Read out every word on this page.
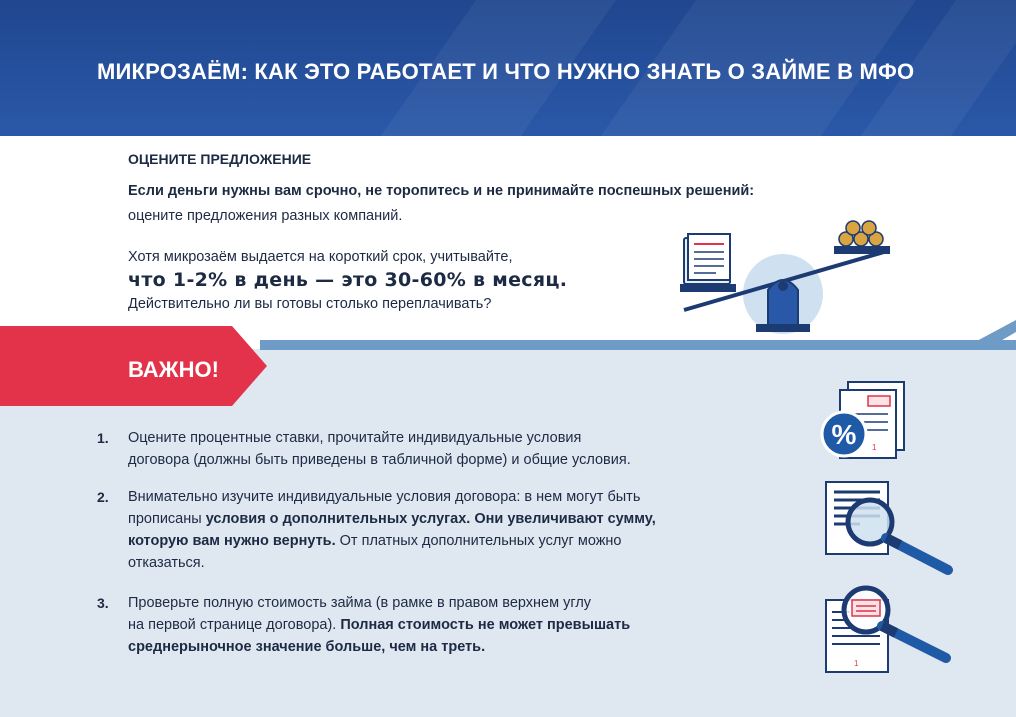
МИКРОЗАЁМ: КАК ЭТО РАБОТАЕТ И ЧТО НУЖНО ЗНАТЬ О ЗАЙМЕ В МФО

ОЦЕНИТЕ ПРЕДЛОЖЕНИЕ

Если деньги нужны вам срочно, не торопитесь и не принимайте поспешных решений:

оцените предложения разных компаний.

Хотя микрозаём выдается на короткий срок, учитывайте,

что 1-2% в день — это 30-60% в месяц.

Действительно ли вы готовы столько переплачивать?

ВАЖНО!

1. Оцените процентные ставки, прочитайте индивидуальные условия
договора (должны быть приведены в табличной форме) и общие условия.

2. Внимательно изучите индивидуальные условия договора: в нем могут быть
прописаны условия о дополнительных услугах. Они увеличивают сумму,
которую вам нужно вернуть. От платных дополнительных услуг можно
отказаться.

3. Проверьте полную стоимость займа (в рамке в правом верхнем углу
на первой странице договора). Полная стоимость не может превышать
среднерыночное значение больше, чем на треть.

1
%
1
